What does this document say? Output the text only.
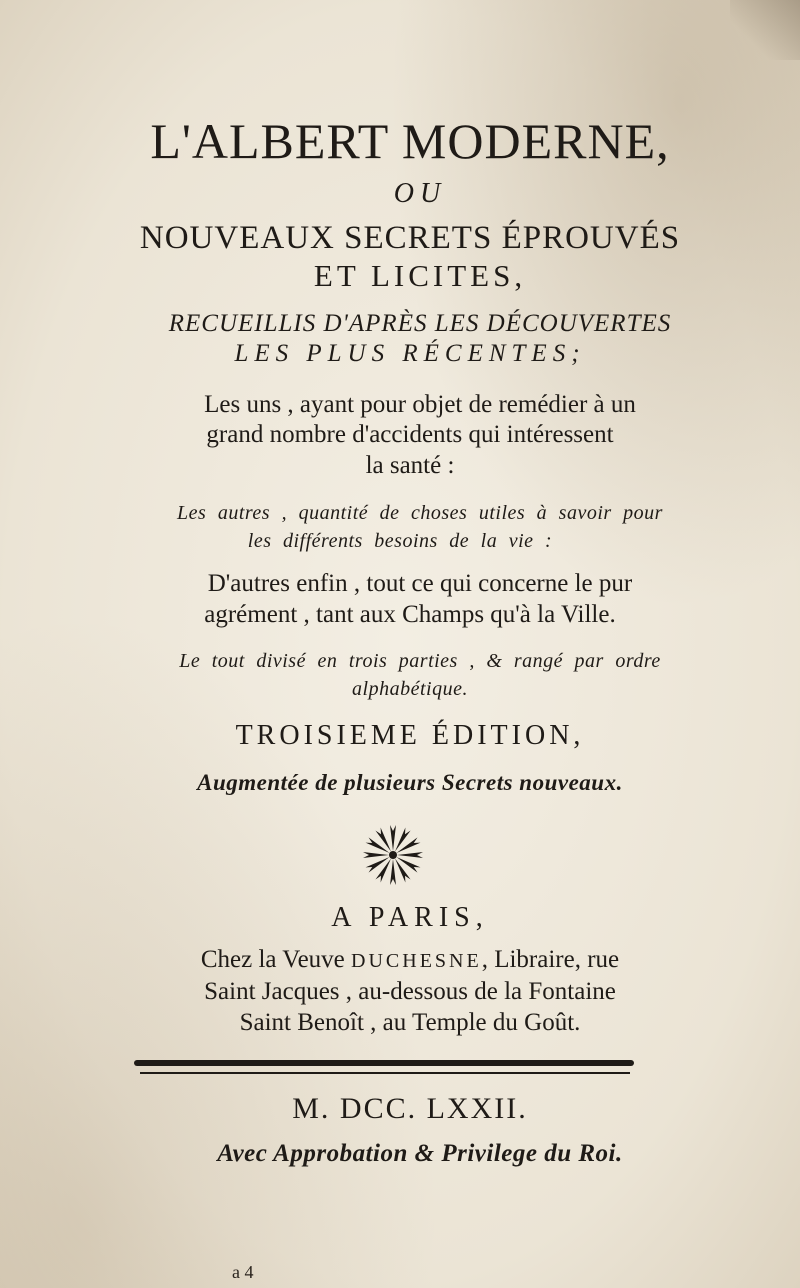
L'ALBERT MODERNE,
OU
NOUVEAUX SECRETS ÉPROUVÉS
ET LICITES,
RECUEILLIS D'APRÈS LES DÉCOUVERTES
LES PLUS RÉCENTES;
Les uns , ayant pour objet de remédier à un
grand nombre d'accidents qui intéressent
la santé :
Les autres , quantité de choses utiles à savoir pour
les différents besoins de la vie :
D'autres enfin , tout ce qui concerne le pur
agrément , tant aux Champs qu'à la Ville.
Le tout divisé en trois parties , & rangé par ordre
alphabétique.
TROISIEME ÉDITION,
Augmentée de plusieurs Secrets nouveaux.
A PARIS,
Chez la Veuve DUCHESNE, Libraire, rue
Saint Jacques , au-dessous de la Fontaine
Saint Benoît , au Temple du Goût.
M. DCC. LXXII.
Avec Approbation & Privilege du Roi.
a 4
